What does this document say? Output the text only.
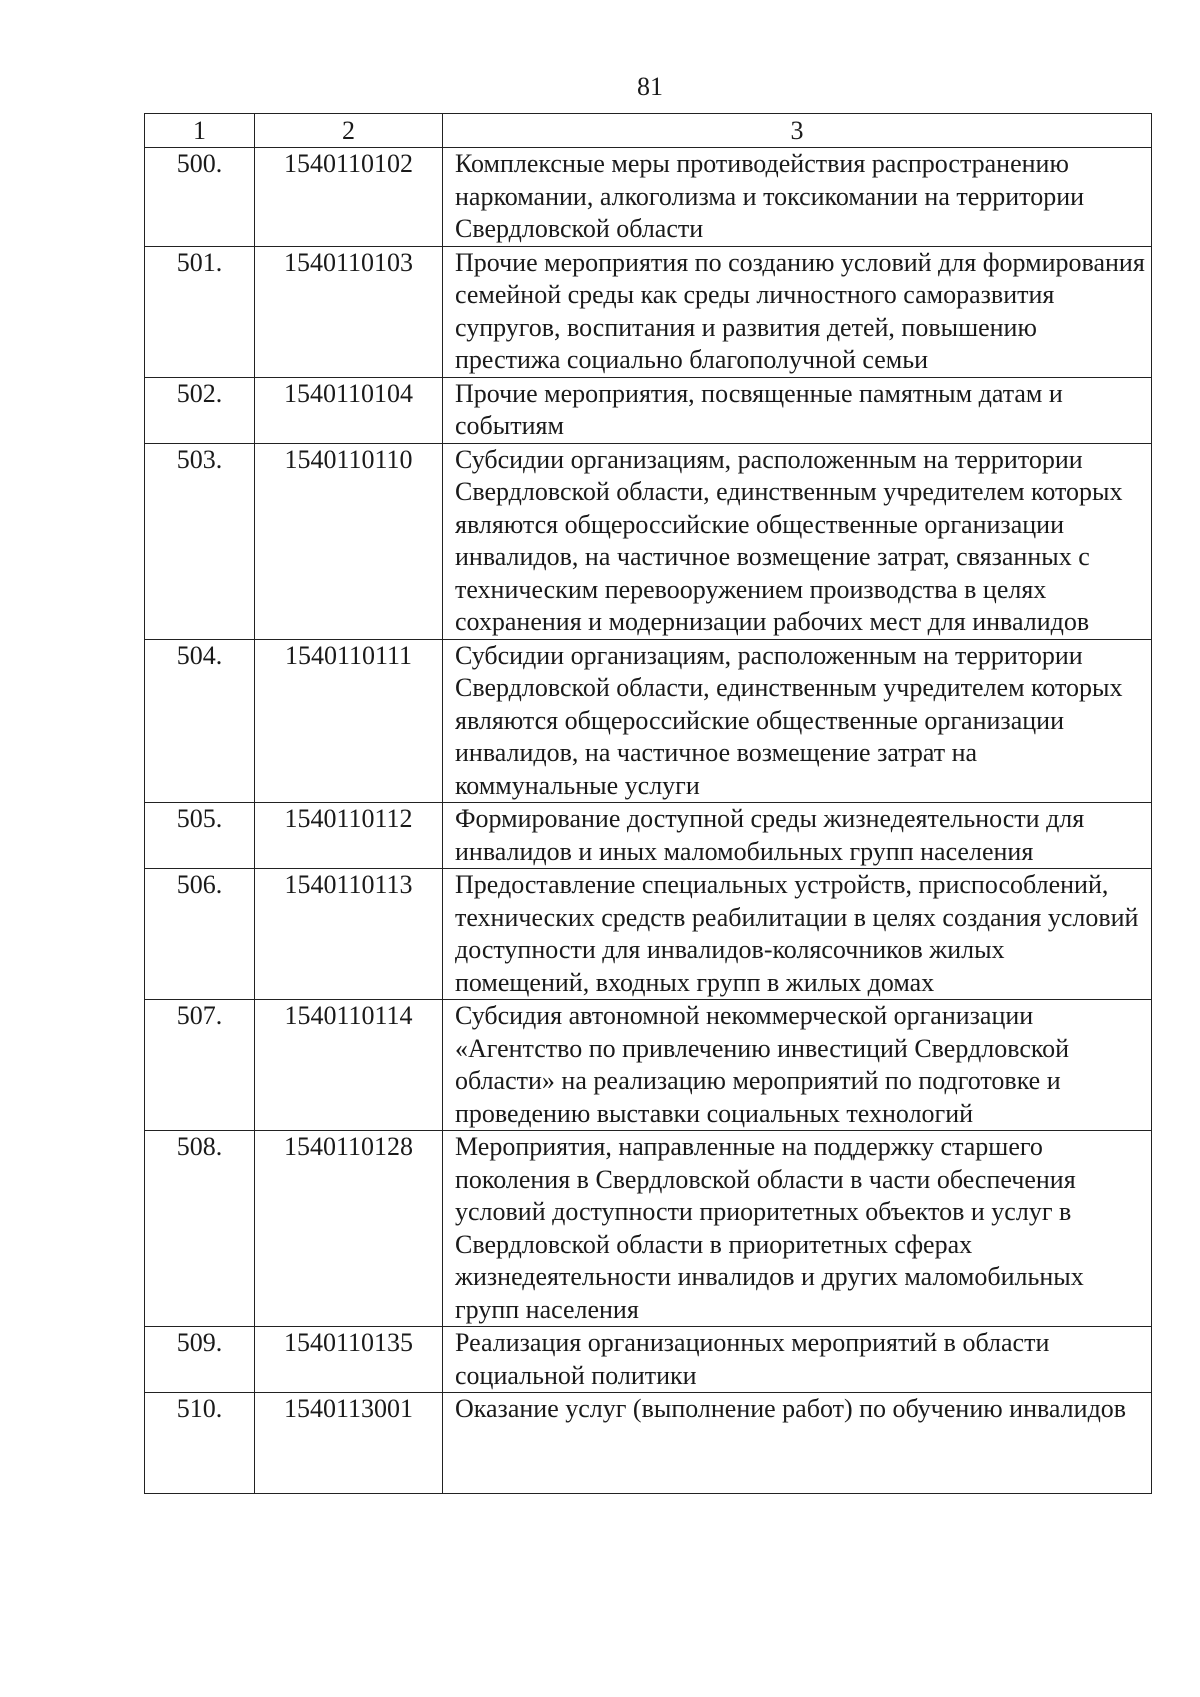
81
1	2	3
500.	1540110102	Комплексные меры противодействия распространению наркомании, алкоголизма и токсикомании на территории Свердловской области
501.	1540110103	Прочие мероприятия по созданию условий для формирования семейной среды как среды личностного саморазвития супругов, воспитания и развития детей, повышению престижа социально благополучной семьи
502.	1540110104	Прочие мероприятия, посвященные памятным датам и событиям
503.	1540110110	Субсидии организациям, расположенным на территории Свердловской области, единственным учредителем которых являются общероссийские общественные организации инвалидов, на частичное возмещение затрат, связанных с техническим перевооружением производства в целях сохранения и модернизации рабочих мест для инвалидов
504.	1540110111	Субсидии организациям, расположенным на территории Свердловской области, единственным учредителем которых являются общероссийские общественные организации инвалидов, на частичное возмещение затрат на коммунальные услуги
505.	1540110112	Формирование доступной среды жизнедеятельности для инвалидов и иных маломобильных групп населения
506.	1540110113	Предоставление специальных устройств, приспособлений, технических средств реабилитации в целях создания условий доступности для инвалидов-колясочников жилых помещений, входных групп в жилых домах
507.	1540110114	Субсидия автономной некоммерческой организации «Агентство по привлечению инвестиций Свердловской области» на реализацию мероприятий по подготовке и проведению выставки социальных технологий
508.	1540110128	Мероприятия, направленные на поддержку старшего поколения в Свердловской области в части обеспечения условий доступности приоритетных объектов и услуг в Свердловской области в приоритетных сферах жизнедеятельности инвалидов и других маломобильных групп населения
509.	1540110135	Реализация организационных мероприятий в области социальной политики
510.	1540113001	Оказание услуг (выполнение работ) по обучению инвалидов
